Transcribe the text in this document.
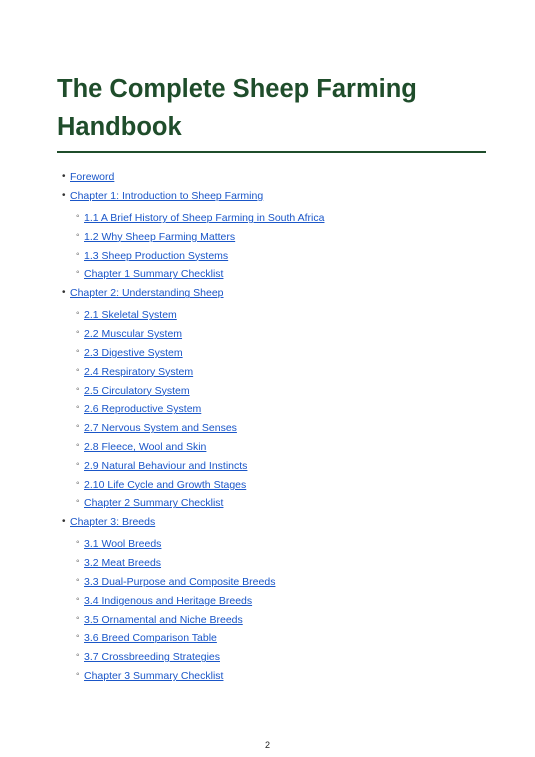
The Complete Sheep Farming Handbook
• Foreword
• Chapter 1: Introduction to Sheep Farming
◦ 1.1 A Brief History of Sheep Farming in South Africa
◦ 1.2 Why Sheep Farming Matters
◦ 1.3 Sheep Production Systems
◦ Chapter 1 Summary Checklist
• Chapter 2: Understanding Sheep
◦ 2.1 Skeletal System
◦ 2.2 Muscular System
◦ 2.3 Digestive System
◦ 2.4 Respiratory System
◦ 2.5 Circulatory System
◦ 2.6 Reproductive System
◦ 2.7 Nervous System and Senses
◦ 2.8 Fleece, Wool and Skin
◦ 2.9 Natural Behaviour and Instincts
◦ 2.10 Life Cycle and Growth Stages
◦ Chapter 2 Summary Checklist
• Chapter 3: Breeds
◦ 3.1 Wool Breeds
◦ 3.2 Meat Breeds
◦ 3.3 Dual-Purpose and Composite Breeds
◦ 3.4 Indigenous and Heritage Breeds
◦ 3.5 Ornamental and Niche Breeds
◦ 3.6 Breed Comparison Table
◦ 3.7 Crossbreeding Strategies
◦ Chapter 3 Summary Checklist
2
